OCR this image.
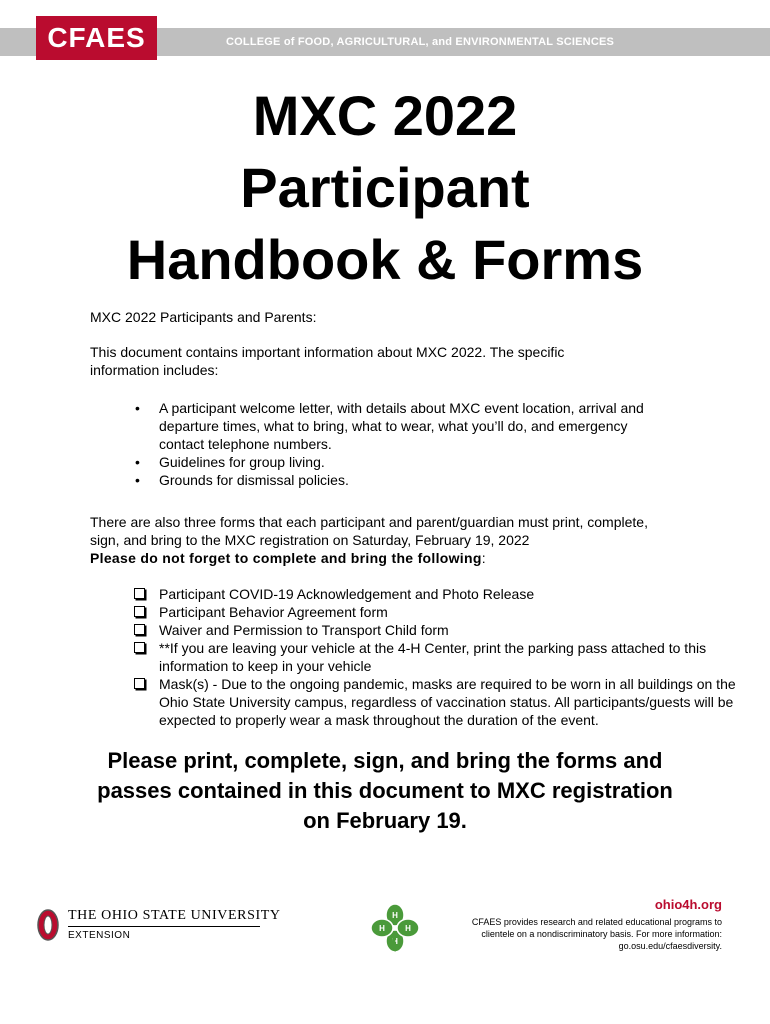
COLLEGE of FOOD, AGRICULTURAL, and ENVIRONMENTAL SCIENCES
CFAES
MXC 2022
Participant
Handbook & Forms
MXC 2022 Participants and Parents:
This document contains important information about MXC 2022. The specific information includes:
• A participant welcome letter, with details about MXC event location, arrival and departure times, what to bring, what to wear, what you’ll do, and emergency contact telephone numbers.
• Guidelines for group living.
• Grounds for dismissal policies.
There are also three forms that each participant and parent/guardian must print, complete, sign, and bring to the MXC registration on Saturday, February 19, 2022
Please do not forget to complete and bring the following:
Participant COVID-19 Acknowledgement and Photo Release
Participant Behavior Agreement form
Waiver and Permission to Transport Child form
**If you are leaving your vehicle at the 4-H Center, print the parking pass attached to this information to keep in your vehicle
Mask(s) - Due to the ongoing pandemic, masks are required to be worn in all buildings on the Ohio State University campus, regardless of vaccination status. All participants/guests will be expected to properly wear a mask throughout the duration of the event.
Please print, complete, sign, and bring the forms and passes contained in this document to MXC registration on February 19.
THE OHIO STATE UNIVERSITY
EXTENSION
H
H
H	H
ohio4h.org
CFAES provides research and related educational programs to clientele on a nondiscriminatory basis. For more information: go.osu.edu/cfaesdiversity.
